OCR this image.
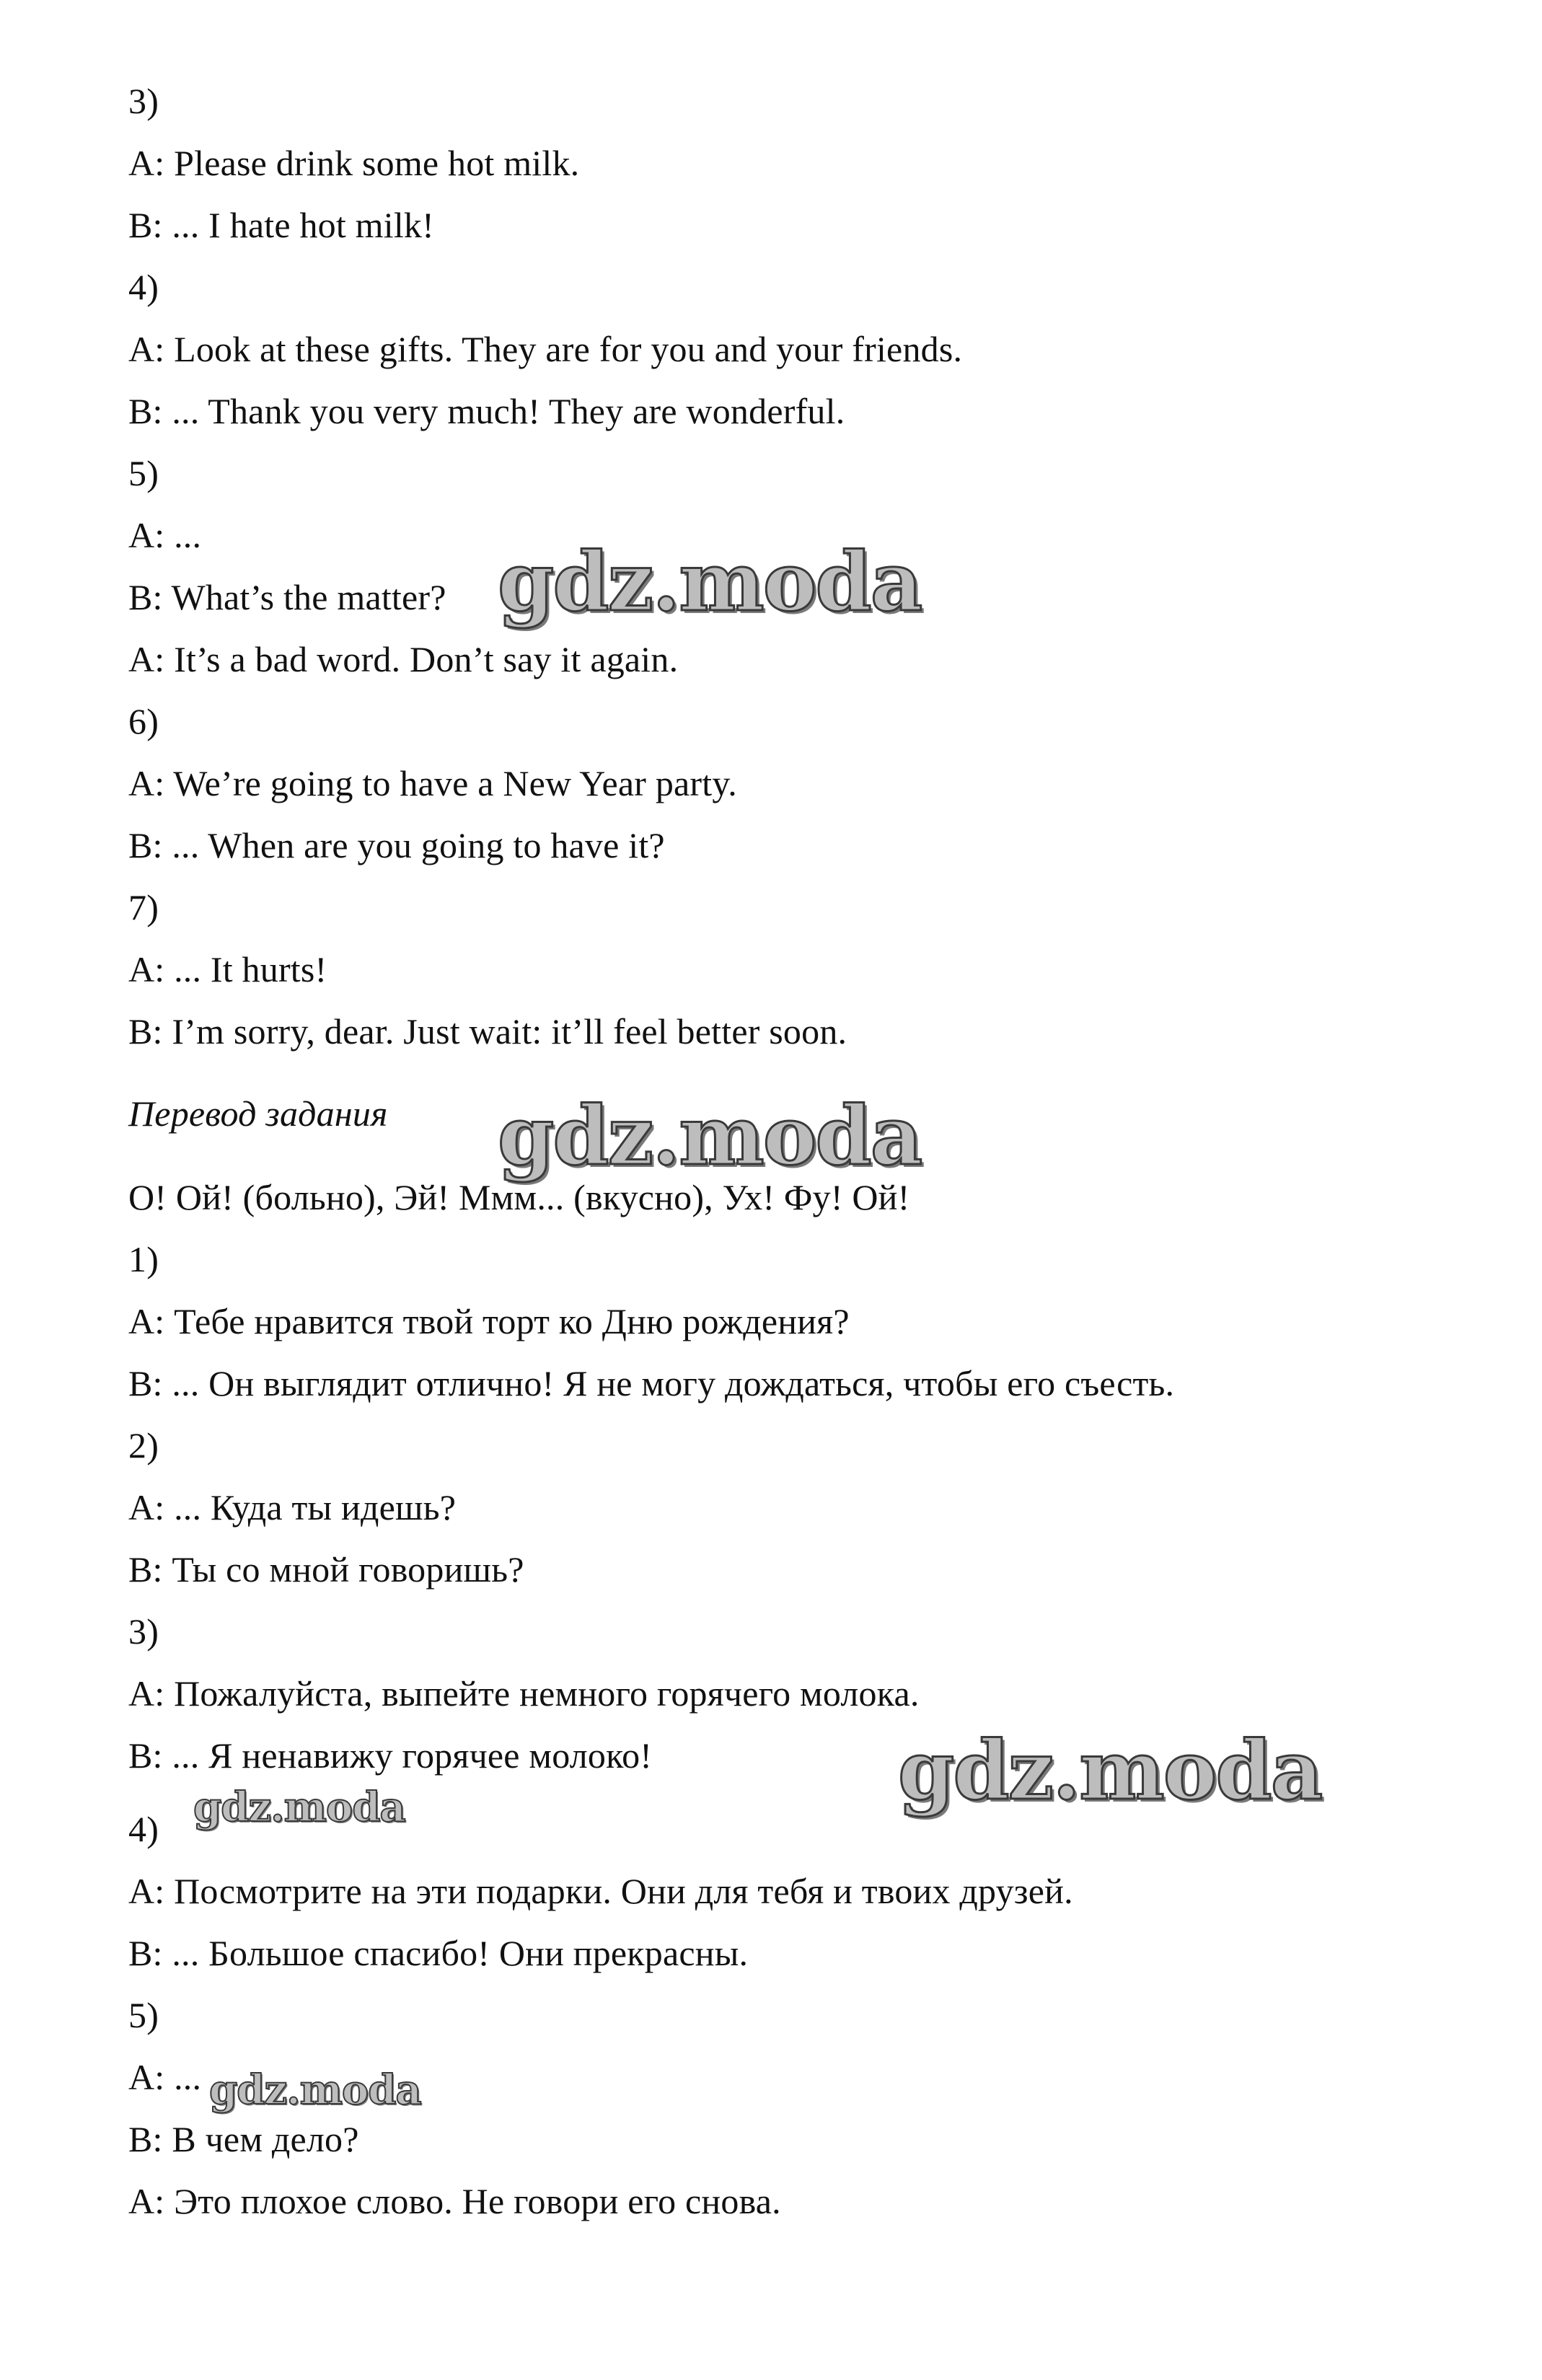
3)
A: Please drink some hot milk.
B: ... I hate hot milk!
4)
A: Look at these gifts. They are for you and your friends.
B: ... Thank you very much! They are wonderful.
5)
A: ...
B: What’s the matter?
A: It’s a bad word. Don’t say it again.
6)
A: We’re going to have a New Year party.
B: ... When are you going to have it?
7)
A: ... It hurts!
B: I’m sorry, dear. Just wait: it’ll feel better soon.
Перевод задания
О! Ой! (больно), Эй! Ммм... (вкусно), Ух! Фу! Ой!
1)
A: Тебе нравится твой торт ко Дню рождения?
B: ... Он выглядит отлично! Я не могу дождаться, чтобы его съесть.
2)
A: ... Куда ты идешь?
B: Ты со мной говоришь?
3)
A: Пожалуйста, выпейте немного горячего молока.
B: ... Я ненавижу горячее молоко!
4)
A: Посмотрите на эти подарки. Они для тебя и твоих друзей.
B: ... Большое спасибо! Они прекрасны.
5)
A: ...
B: В чем дело?
A: Это плохое слово. Не говори его снова.
gdz.moda
gdz.moda
gdz.moda
gdz.moda
gdz.moda
